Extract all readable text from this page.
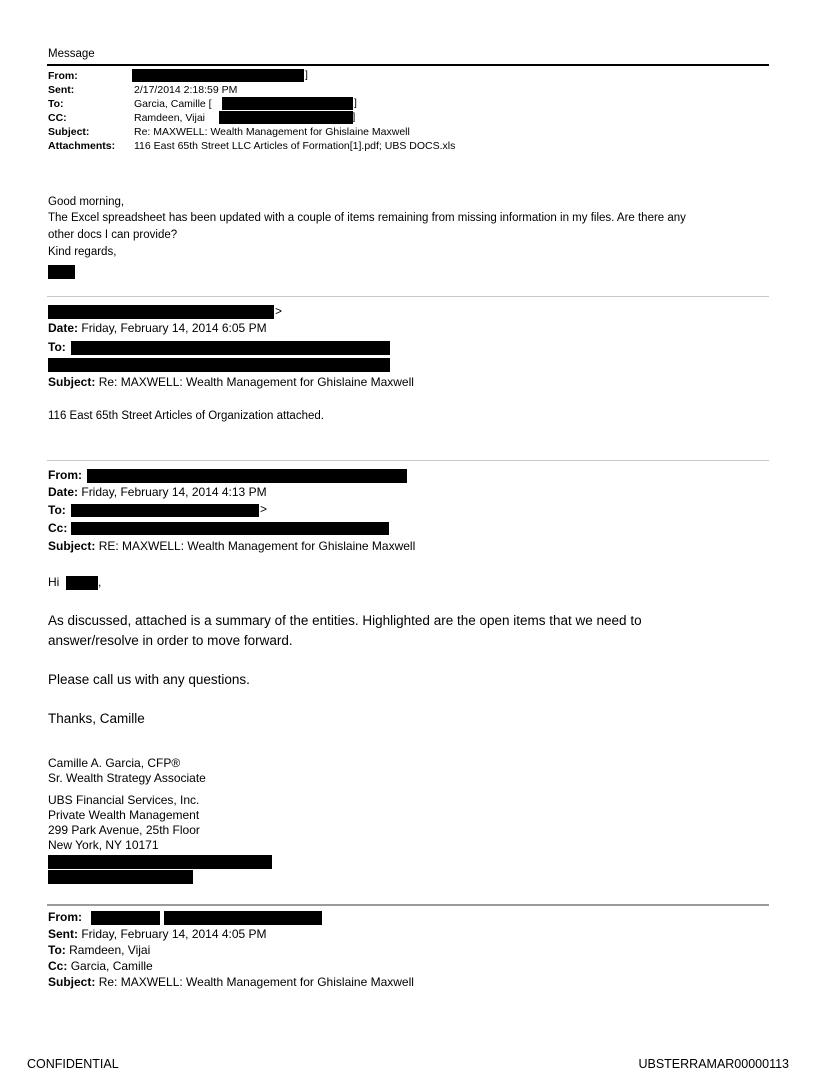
Message
From:	]
Sent:	2/17/2014 2:18:59 PM
To:	Garcia, Camille [	]
CC:	Ramdeen, Vijai	j]
Subject:	Re: MAXWELL: Wealth Management for Ghislaine Maxwell
Attachments: 116 East 65th Street LLC Articles of Formation[1].pdf; UBS DOCS.xls
Good morning,
The Excel spreadsheet has been updated with a couple of items remaining from missing information in my files. Are there any
other docs I can provide?
Kind regards,
>
Date: Friday, February 14, 2014 6:05 PM
To:
Subject: Re: MAXWELL: Wealth Management for Ghislaine Maxwell
116 East 65th Street Articles of Organization attached.
From:
Date: Friday, February 14, 2014 4:13 PM
To:	>
Cc:
Subject: RE: MAXWELL: Wealth Management for Ghislaine Maxwell
Hi	,
As discussed, attached is a summary of the entities. Highlighted are the open items that we need to
answer/resolve in order to move forward.
Please call us with any questions.
Thanks, Camille
Camille A. Garcia, CFP®
Sr. Wealth Strategy Associate
UBS Financial Services, Inc.
Private Wealth Management
299 Park Avenue, 25th Floor
New York, NY 10171
From:
Sent: Friday, February 14, 2014 4:05 PM
To: Ramdeen, Vijai
Cc: Garcia, Camille
Subject: Re: MAXWELL: Wealth Management for Ghislaine Maxwell
CONFIDENTIAL	UBSTERRAMAR00000113
